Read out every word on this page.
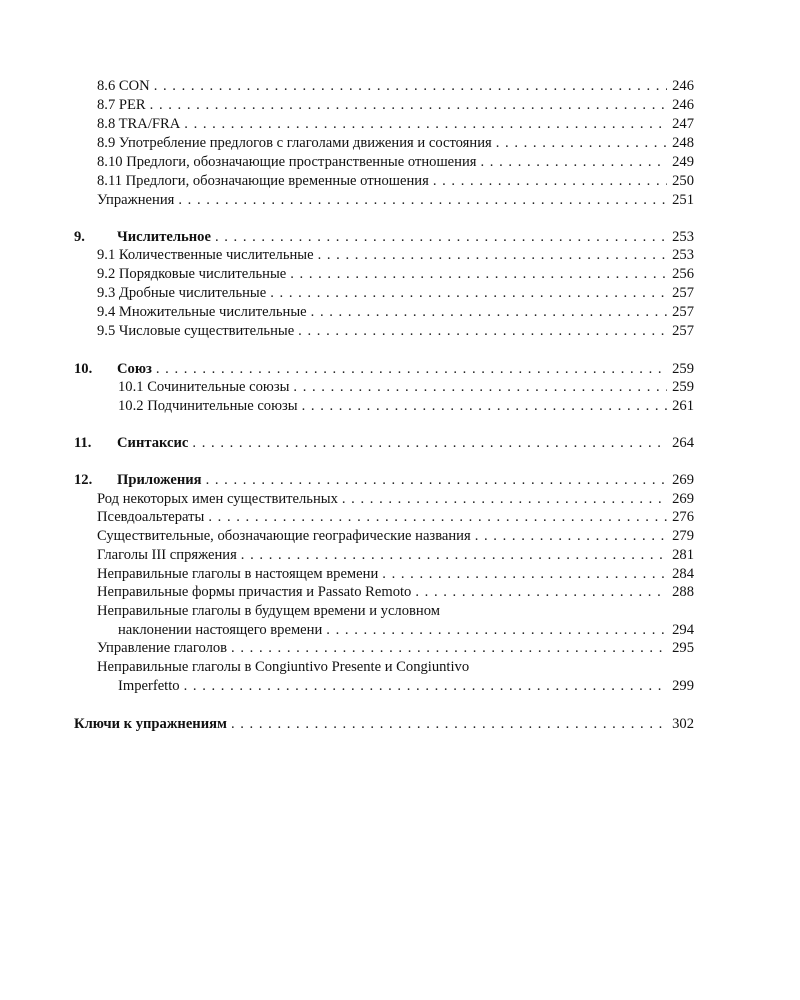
8.6 CON . . .	246
8.7 PER . . .	246
8.8 TRA/FRA . . .	247
8.9 Употребление предлогов с глаголами движения и состояния . . .	248
8.10 Предлоги, обозначающие пространственные отношения . . .	249
8.11 Предлоги, обозначающие временные отношения . . .	250
Упражнения . . .	251
9.	Числительное . . .	253
9.1 Количественные числительные . . .	253
9.2 Порядковые числительные . . .	256
9.3 Дробные числительные . . .	257
9.4 Множительные числительные . . .	257
9.5 Числовые существительные . . .	257
10.	Союз . . .	259
10.1 Сочинительные союзы . . .	259
10.2 Подчинительные союзы . . .	261
11.	Синтаксис . . .	264
12.	Приложения . . .	269
Род некоторых имен существительных . . .	269
Псевдоальтераты . . .	276
Существительные, обозначающие географические названия . . .	279
Глаголы III спряжения . . .	281
Неправильные глаголы в настоящем времени . . .	284
Неправильные формы причастия и Passato Remoto . . .	288
Неправильные глаголы в будущем времени и условном
наклонении настоящего времени . . .	294
Управление глаголов . . .	295
Неправильные глаголы в Congiuntivo Presente и Congiuntivo
Imperfetto . . .	299
Ключи к упражнениям . . .	302
